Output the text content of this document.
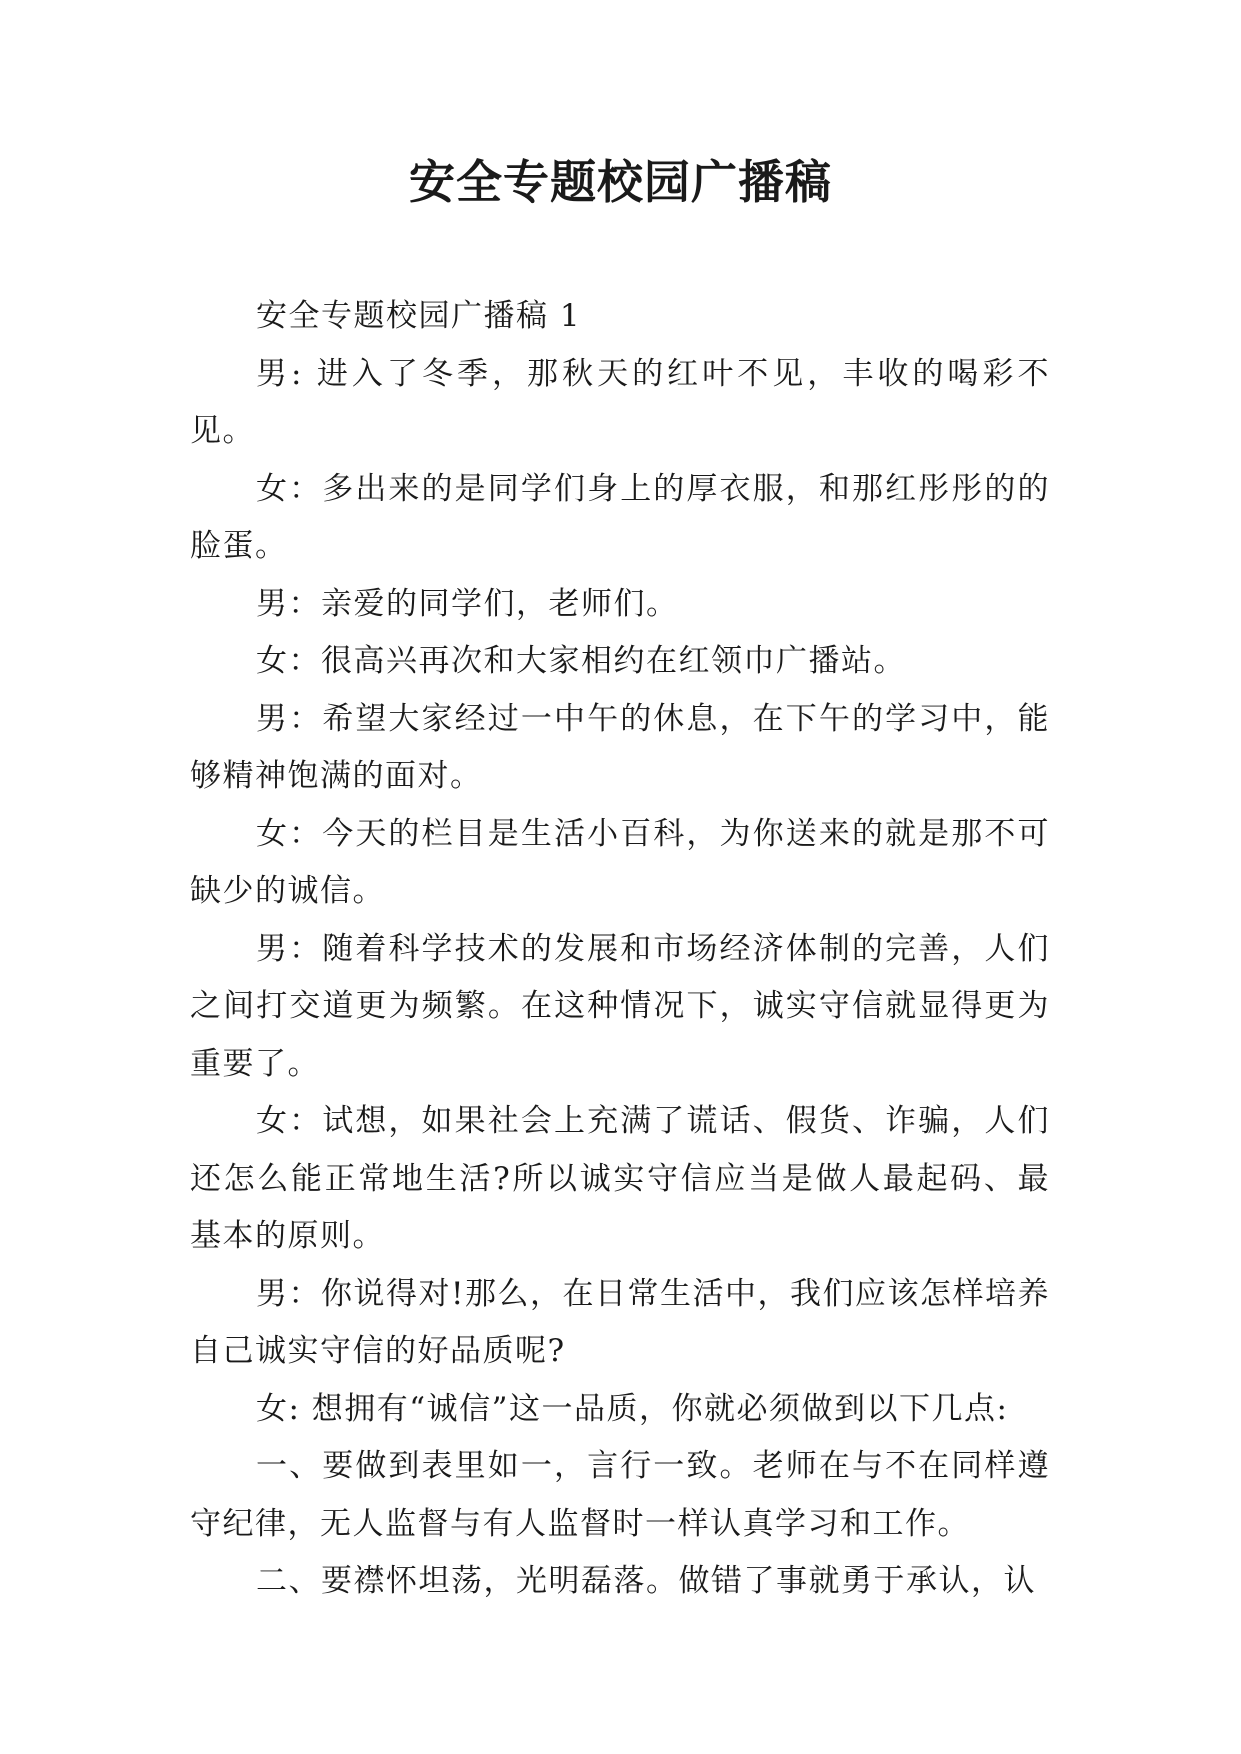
安全专题校园广播稿

安全专题校园广播稿 1

男: 进入了冬季，那秋天的红叶不见，丰收的喝彩不见。

女：多出来的是同学们身上的厚衣服，和那红彤彤的的脸蛋。

男：亲爱的同学们，老师们。

女：很高兴再次和大家相约在红领巾广播站。

男：希望大家经过一中午的休息，在下午的学习中，能够精神饱满的面对。

女：今天的栏目是生活小百科，为你送来的就是那不可缺少的诚信。

男：随着科学技术的发展和市场经济体制的完善，人们之间打交道更为频繁。在这种情况下，诚实守信就显得更为重要了。

女：试想，如果社会上充满了谎话、假货、诈骗，人们还怎么能正常地生活?所以诚实守信应当是做人最起码、最基本的原则。

男：你说得对!那么，在日常生活中，我们应该怎样培养自己诚实守信的好品质呢?

女: 想拥有“诚信”这一品质，你就必须做到以下几点:

一、要做到表里如一，言行一致。老师在与不在同样遵守纪律，无人监督与有人监督时一样认真学习和工作。

二、要襟怀坦荡，光明磊落。做错了事就勇于承认，认
